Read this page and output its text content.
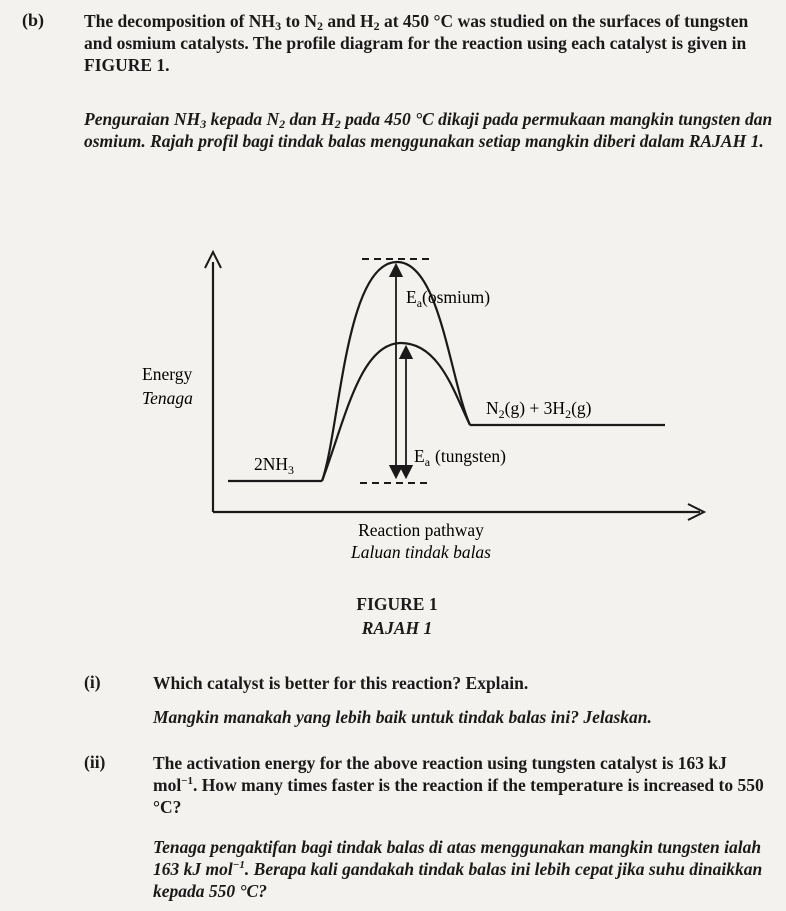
(b) The decomposition of $NH_3$ to $N_2$ and $H_2$ at 450 °C was studied on the surfaces of tungsten and osmium catalysts. The profile diagram for the reaction using each catalyst is given in FIGURE 1.
Penguraian $NH_3$ kepada $N_2$ dan $H_2$ pada 450 °C dikaji pada permukaan mangkin tungsten dan osmium. Rajah profil bagi tindak balas menggunakan setiap mangkin diberi dalam RAJAH 1.
Energy
Tenaga
$2NH_3$
$N_2(g) + 3H_2(g)$
$E_a(osmium)$
$E_a$ (tungsten)
Reaction pathway
Laluan tindak balas
FIGURE 1
RAJAH 1
(i)	Which catalyst is better for this reaction? Explain.
Mangkin manakah yang lebih baik untuk tindak balas ini? Jelaskan.
(ii)	The activation energy for the above reaction using tungsten catalyst is 163 kJ mol$^{-1}$. How many times faster is the reaction if the temperature is increased to 550 °C?
Tenaga pengaktifan bagi tindak balas di atas menggunakan mangkin tungsten ialah 163 kJ mol$^{-1}$. Berapa kali gandakah tindak balas ini lebih cepat jika suhu dinaikkan kepada 550 °C?
